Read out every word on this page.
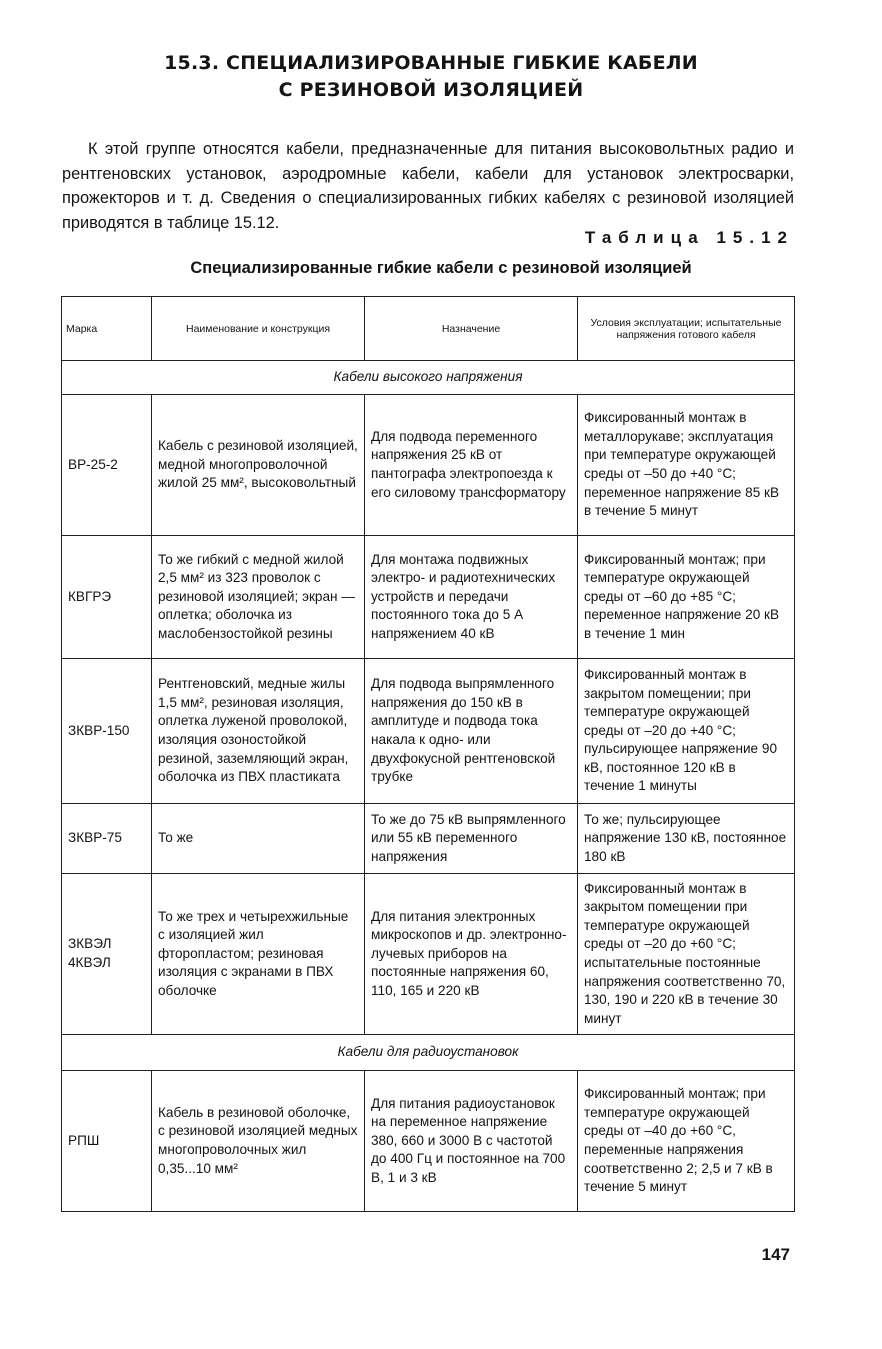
15.3. СПЕЦИАЛИЗИРОВАННЫЕ ГИБКИЕ КАБЕЛИ
С РЕЗИНОВОЙ ИЗОЛЯЦИЕЙ

К этой группе относятся кабели, предназначенные для питания высоковольтных радио и рентгеновских установок, аэродромные кабели, кабели для установок электросварки, прожекторов и т. д. Сведения о специализированных гибких кабелях с резиновой изоляцией приводятся в таблице 15.12.

Таблица 15.12
Специализированные гибкие кабели с резиновой изоляцией
Марка	Наименование и конструкция	Назначение	Условия эксплуатации; испытательные напряжения готового кабеля
Кабели высокого напряжения			
ВР-25-2	Кабель с резиновой изоляцией, медной многопроволочной жилой 25 мм², высоковольтный	Для подвода переменного напряжения 25 кВ от пантографа электропоезда к его силовому трансформатору	Фиксированный монтаж в металлорукаве; эксплуатация при температуре окружающей среды от –50 до +40 °С; переменное напряжение 85 кВ в течение 5 минут
КВГРЭ	То же гибкий с медной жилой 2,5 мм² из 323 проволок с резиновой изоляцией; экран — оплетка; оболочка из маслобензостойкой резины	Для монтажа подвижных электро- и радиотехнических устройств и передачи постоянного тока до 5 А напряжением 40 кВ	Фиксированный монтаж; при температуре окружающей среды от –60 до +85 °С; переменное напряжение 20 кВ в течение 1 мин
ЗКВР-150	Рентгеновский, медные жилы 1,5 мм², резиновая изоляция, оплетка луженой проволокой, изоляция озоностойкой резиной, заземляющий экран, оболочка из ПВХ пластиката	Для подвода выпрямленного напряжения до 150 кВ в амплитуде и подвода тока накала к одно- или двухфокусной рентгеновской трубке	Фиксированный монтаж в закрытом помещении; при температуре окружающей среды от –20 до +40 °С; пульсирующее напряжение 90 кВ, постоянное 120 кВ в течение 1 минуты
ЗКВР-75	То же	То же до 75 кВ выпрямленного или 55 кВ переменного напряжения	То же; пульсирующее напряжение 130 кВ, постоянное 180 кВ
ЗКВЭЛ 4КВЭЛ	То же трех и четырехжильные с изоляцией жил фторопластом; резиновая изоляция с экранами в ПВХ оболочке	Для питания электронных микроскопов и др. электронно-лучевых приборов на постоянные напряжения 60, 110, 165 и 220 кВ	Фиксированный монтаж в закрытом помещении при температуре окружающей среды от –20 до +60 °С; испытательные постоянные напряжения соответственно 70, 130, 190 и 220 кВ в течение 30 минут
Кабели для радиоустановок			
РПШ	Кабель в резиновой оболочке, с резиновой изоляцией медных многопроволочных жил 0,35...10 мм²	Для питания радиоустановок на переменное напряжение 380, 660 и 3000 В с частотой до 400 Гц и постоянное на 700 В, 1 и 3 кВ	Фиксированный монтаж; при температуре окружающей среды от –40 до +60 °С, переменные напряжения соответственно 2; 2,5 и 7 кВ в течение 5 минут
147
